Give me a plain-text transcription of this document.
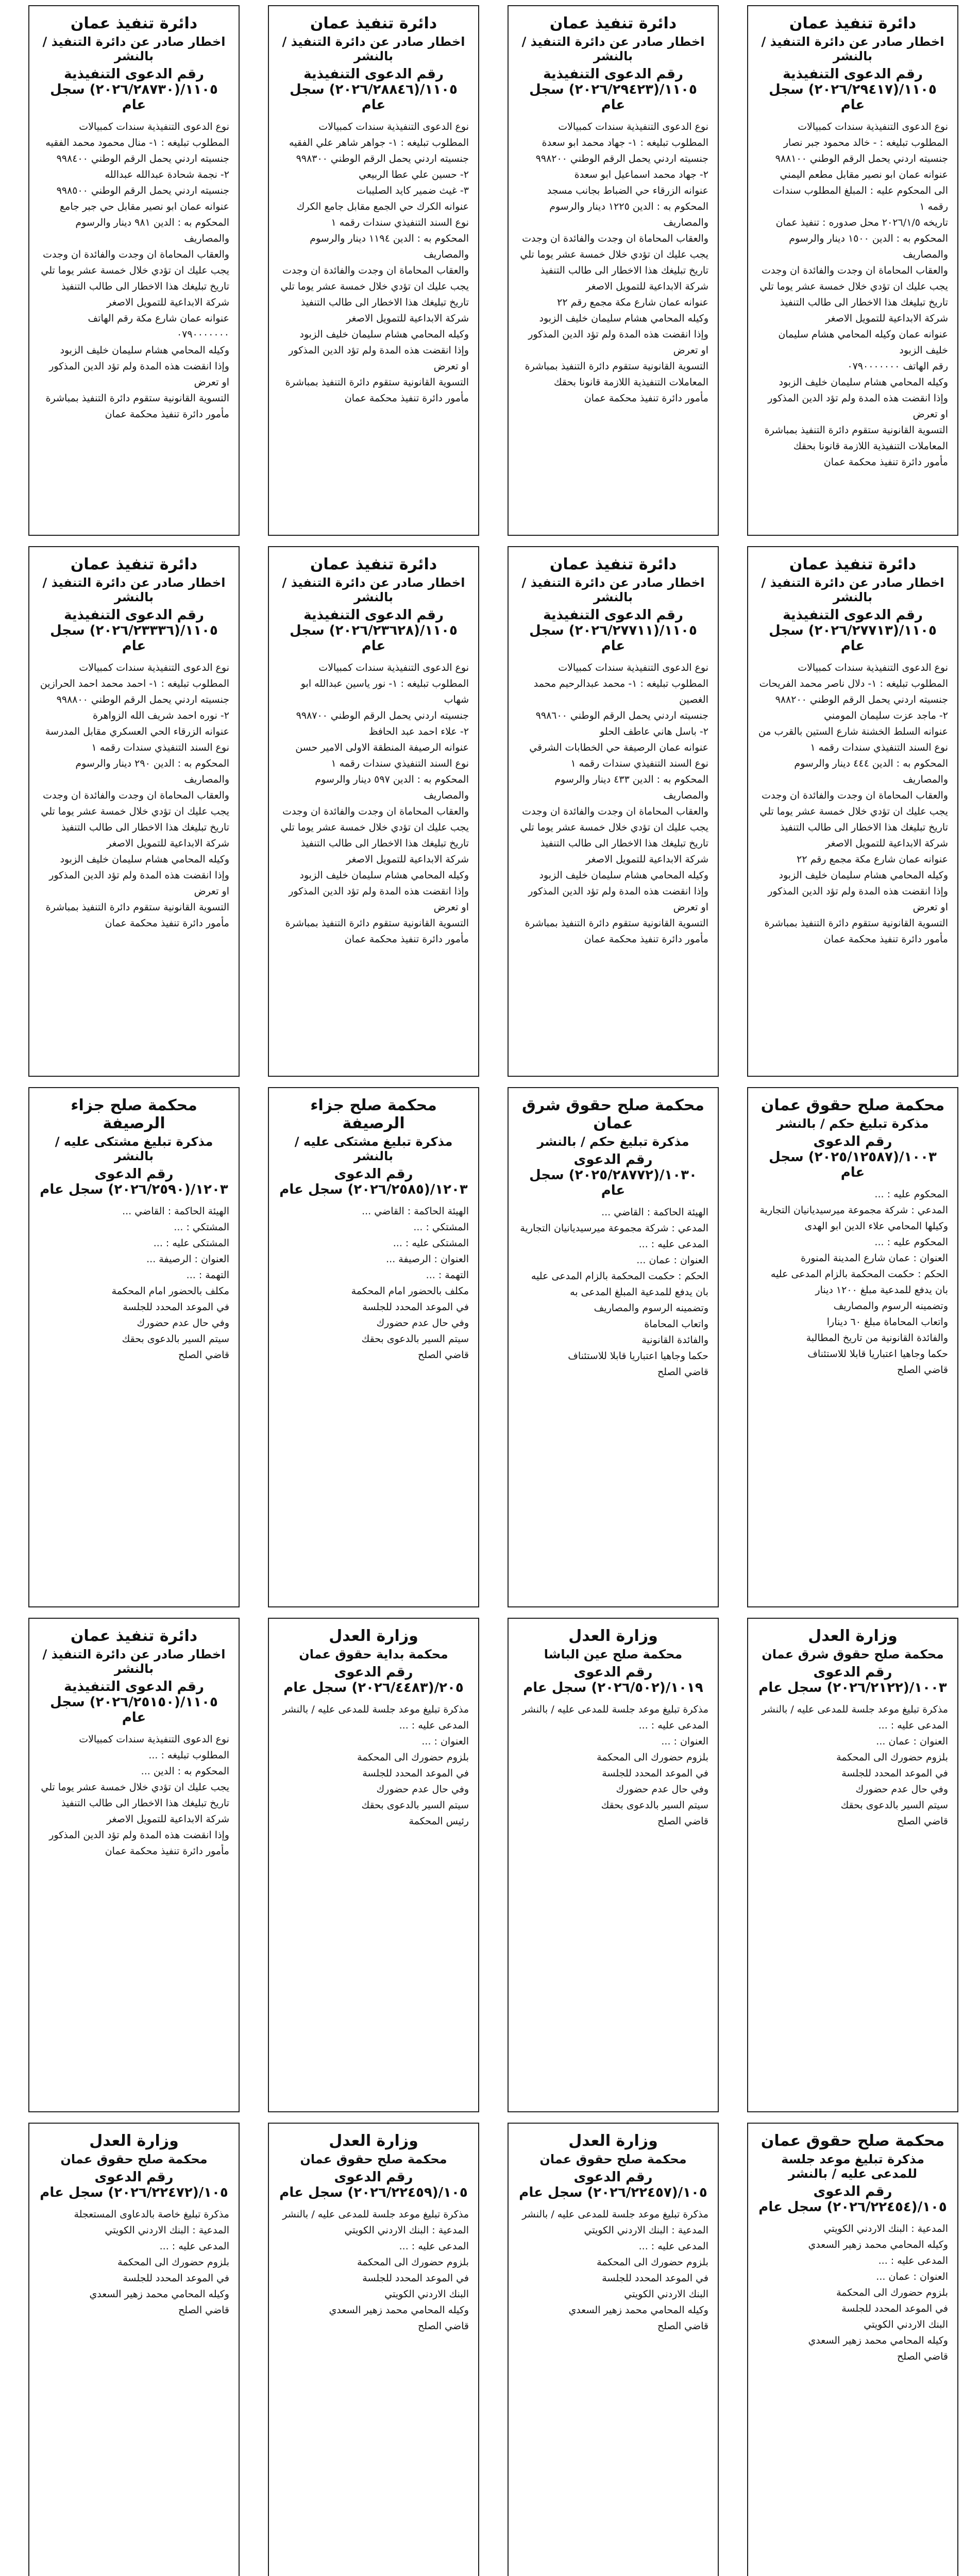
دائرة تنفيذ عمان
اخطار صادر عن دائرة التنفيذ / بالنشر
رقم الدعوى التنفيذية ١١٠٥/(٢٠٢٦/٢٩٤١٧) سجل عام
نوع الدعوى التنفيذية سندات كمبيالات
المطلوب تبليغه : - خالد محمود جبر نصار
جنسيته اردني يحمل الرقم الوطني ٩٨٨١٠٠
عنوانه عمان ابو نصير مقابل مطعم اليمني
الى المحكوم عليه : المبلغ المطلوب سندات رقمه ١
تاريخه ٢٠٢٦/١/٥ محل صدوره : تنفيذ عمان
المحكوم به : الدين ١٥٠٠ دينار والرسوم والمصاريف
والعقاب المحاماة ان وجدت والفائدة ان وجدت
يجب عليك ان تؤدي خلال خمسة عشر يوما تلي
تاريخ تبليغك هذا الاخطار الى طالب التنفيذ
شركة الابداعية للتمويل الاصغر
عنوانه عمان وكيله المحامي هشام سليمان خليف الزبود
رقم الهاتف ٠٧٩٠٠٠٠٠٠٠
وكيله المحامي هشام سليمان خليف الزبود
وإذا انقضت هذه المدة ولم تؤد الدين المذكور او تعرض
التسوية القانونية ستقوم دائرة التنفيذ بمباشرة
المعاملات التنفيذية اللازمة قانونا بحقك
مأمور دائرة تنفيذ محكمة عمان
دائرة تنفيذ عمان
اخطار صادر عن دائرة التنفيذ / بالنشر
رقم الدعوى التنفيذية ١١٠٥/(٢٠٢٦/٢٩٤٢٣) سجل عام
نوع الدعوى التنفيذية سندات كمبيالات
المطلوب تبليغه : ١- جهاد محمد ابو سعدة
جنسيته اردني يحمل الرقم الوطني ٩٩٨٢٠٠
٢- جهاد محمد اسماعيل ابو سعدة
عنوانه الزرقاء حي الضباط بجانب مسجد
المحكوم به : الدين ١٢٢٥ دينار والرسوم والمصاريف
والعقاب المحاماة ان وجدت والفائدة ان وجدت
يجب عليك ان تؤدي خلال خمسة عشر يوما تلي
تاريخ تبليغك هذا الاخطار الى طالب التنفيذ
شركة الابداعية للتمويل الاصغر
عنوانه عمان شارع مكة مجمع رقم ٢٢
وكيله المحامي هشام سليمان خليف الزبود
وإذا انقضت هذه المدة ولم تؤد الدين المذكور او تعرض
التسوية القانونية ستقوم دائرة التنفيذ بمباشرة
المعاملات التنفيذية اللازمة قانونا بحقك
مأمور دائرة تنفيذ محكمة عمان
دائرة تنفيذ عمان
اخطار صادر عن دائرة التنفيذ / بالنشر
رقم الدعوى التنفيذية ١١٠٥/(٢٠٢٦/٢٨٨٤٦) سجل عام
نوع الدعوى التنفيذية سندات كمبيالات
المطلوب تبليغه : ١- جواهر شاهر علي الفقيه
جنسيته اردني يحمل الرقم الوطني ٩٩٨٣٠٠
٢- حسين علي عطا الربيعي
٣- غيث ضمير كايد الصليبات
عنوانه الكرك حي الجمع مقابل جامع الكرك
نوع السند التنفيذي سندات رقمه ١
المحكوم به : الدين ١١٩٤ دينار والرسوم والمصاريف
والعقاب المحاماة ان وجدت والفائدة ان وجدت
يجب عليك ان تؤدي خلال خمسة عشر يوما تلي
تاريخ تبليغك هذا الاخطار الى طالب التنفيذ
شركة الابداعية للتمويل الاصغر
وكيله المحامي هشام سليمان خليف الزبود
وإذا انقضت هذه المدة ولم تؤد الدين المذكور او تعرض
التسوية القانونية ستقوم دائرة التنفيذ بمباشرة
مأمور دائرة تنفيذ محكمة عمان
دائرة تنفيذ عمان
اخطار صادر عن دائرة التنفيذ / بالنشر
رقم الدعوى التنفيذية ١١٠٥/(٢٠٢٦/٢٨٧٣٠) سجل عام
نوع الدعوى التنفيذية سندات كمبيالات
المطلوب تبليغه : ١- منال محمود محمد الفقيه
جنسيته اردني يحمل الرقم الوطني ٩٩٨٤٠٠
٢- نجمة شحادة عبدالله عبدالله
جنسيته اردني يحمل الرقم الوطني ٩٩٨٥٠٠
عنوانه عمان ابو نصير مقابل حي جبر جامع
المحكوم به : الدين ٩٨١ دينار والرسوم والمصاريف
والعقاب المحاماة ان وجدت والفائدة ان وجدت
يجب عليك ان تؤدي خلال خمسة عشر يوما تلي
تاريخ تبليغك هذا الاخطار الى طالب التنفيذ
شركة الابداعية للتمويل الاصغر
عنوانه عمان شارع مكة رقم الهاتف ٠٧٩٠٠٠٠٠٠٠
وكيله المحامي هشام سليمان خليف الزبود
وإذا انقضت هذه المدة ولم تؤد الدين المذكور او تعرض
التسوية القانونية ستقوم دائرة التنفيذ بمباشرة
مأمور دائرة تنفيذ محكمة عمان
دائرة تنفيذ عمان
اخطار صادر عن دائرة التنفيذ / بالنشر
رقم الدعوى التنفيذية ١١٠٥/(٢٠٢٦/٢٧٧١٣) سجل عام
نوع الدعوى التنفيذية سندات كمبيالات
المطلوب تبليغه : ١- دلال ناصر محمد الفريحات
جنسيته اردني يحمل الرقم الوطني ٩٨٨٢٠٠
٢- ماجد عزت سليمان المومني
عنوانه السلط الخشنة شارع الستين بالقرب من
نوع السند التنفيذي سندات رقمه ١
المحكوم به : الدين ٤٤٤ دينار والرسوم والمصاريف
والعقاب المحاماة ان وجدت والفائدة ان وجدت
يجب عليك ان تؤدي خلال خمسة عشر يوما تلي
تاريخ تبليغك هذا الاخطار الى طالب التنفيذ
شركة الابداعية للتمويل الاصغر
عنوانه عمان شارع مكة مجمع رقم ٢٢
وكيله المحامي هشام سليمان خليف الزبود
وإذا انقضت هذه المدة ولم تؤد الدين المذكور او تعرض
التسوية القانونية ستقوم دائرة التنفيذ بمباشرة
مأمور دائرة تنفيذ محكمة عمان
دائرة تنفيذ عمان
اخطار صادر عن دائرة التنفيذ / بالنشر
رقم الدعوى التنفيذية ١١٠٥/(٢٠٢٦/٢٧٧١١) سجل عام
نوع الدعوى التنفيذية سندات كمبيالات
المطلوب تبليغه : ١- محمد عبدالرحيم محمد الغصين
جنسيته اردني يحمل الرقم الوطني ٩٩٨٦٠٠
٢- باسل هاني عاطف الحلو
عنوانه عمان الرصيفة حي الخطابات الشرقي
نوع السند التنفيذي سندات رقمه ١
المحكوم به : الدين ٤٣٣ دينار والرسوم والمصاريف
والعقاب المحاماة ان وجدت والفائدة ان وجدت
يجب عليك ان تؤدي خلال خمسة عشر يوما تلي
تاريخ تبليغك هذا الاخطار الى طالب التنفيذ
شركة الابداعية للتمويل الاصغر
وكيله المحامي هشام سليمان خليف الزبود
وإذا انقضت هذه المدة ولم تؤد الدين المذكور او تعرض
التسوية القانونية ستقوم دائرة التنفيذ بمباشرة
مأمور دائرة تنفيذ محكمة عمان
دائرة تنفيذ عمان
اخطار صادر عن دائرة التنفيذ / بالنشر
رقم الدعوى التنفيذية ١١٠٥/(٢٠٢٦/٢٣٦٢٨) سجل عام
نوع الدعوى التنفيذية سندات كمبيالات
المطلوب تبليغه : ١- نور ياسين عبدالله ابو شهاب
جنسيته اردني يحمل الرقم الوطني ٩٩٨٧٠٠
٢- علاء احمد عبد الحافظ
عنوانه الرصيفة المنطقة الاولى الامير حسن
نوع السند التنفيذي سندات رقمه ١
المحكوم به : الدين ٥٩٧ دينار والرسوم والمصاريف
والعقاب المحاماة ان وجدت والفائدة ان وجدت
يجب عليك ان تؤدي خلال خمسة عشر يوما تلي
تاريخ تبليغك هذا الاخطار الى طالب التنفيذ
شركة الابداعية للتمويل الاصغر
وكيله المحامي هشام سليمان خليف الزبود
وإذا انقضت هذه المدة ولم تؤد الدين المذكور او تعرض
التسوية القانونية ستقوم دائرة التنفيذ بمباشرة
مأمور دائرة تنفيذ محكمة عمان
دائرة تنفيذ عمان
اخطار صادر عن دائرة التنفيذ / بالنشر
رقم الدعوى التنفيذية ١١٠٥/(٢٠٢٦/٢٣٣٣٦) سجل عام
نوع الدعوى التنفيذية سندات كمبيالات
المطلوب تبليغه : ١- احمد محمد احمد الحرازين
جنسيته اردني يحمل الرقم الوطني ٩٩٨٨٠٠
٢- نوره احمد شريف الله الزواهرة
عنوانه الزرقاء الحي العسكري مقابل المدرسة
نوع السند التنفيذي سندات رقمه ١
المحكوم به : الدين ٢٩٠ دينار والرسوم والمصاريف
والعقاب المحاماة ان وجدت والفائدة ان وجدت
يجب عليك ان تؤدي خلال خمسة عشر يوما تلي
تاريخ تبليغك هذا الاخطار الى طالب التنفيذ
شركة الابداعية للتمويل الاصغر
وكيله المحامي هشام سليمان خليف الزبود
وإذا انقضت هذه المدة ولم تؤد الدين المذكور او تعرض
التسوية القانونية ستقوم دائرة التنفيذ بمباشرة
مأمور دائرة تنفيذ محكمة عمان
محكمة صلح حقوق عمان
مذكرة تبليغ حكم / بالنشر
رقم الدعوى ١٠٠٣/(٢٠٢٥/١٢٥٨٧) سجل عام
المحكوم عليه : ...
المدعي : شركة مجموعة ميرسيديانيان التجارية
وكيلها المحامي علاء الدين ابو الهدى
المحكوم عليه : ...
العنوان : عمان شارع المدينة المنورة
الحكم : حكمت المحكمة بالزام المدعى عليه
بان يدفع للمدعية مبلغ ١٢٠٠ دينار
وتضمينه الرسوم والمصاريف
واتعاب المحاماة مبلغ ٦٠ دينارا
والفائدة القانونية من تاريخ المطالبة
حكما وجاهيا اعتباريا قابلا للاستئناف
قاضي الصلح
محكمة صلح حقوق شرق عمان
مذكرة تبليغ حكم / بالنشر
رقم الدعوى ١٠٣٠/(٢٠٢٥/٢٨٧٧٢) سجل عام
الهيئة الحاكمة : القاضي ...
المدعي : شركة مجموعة ميرسيديانيان التجارية
المدعى عليه : ...
العنوان : عمان ...
الحكم : حكمت المحكمة بالزام المدعى عليه
بان يدفع للمدعية المبلغ المدعى به
وتضمينه الرسوم والمصاريف
واتعاب المحاماة
والفائدة القانونية
حكما وجاهيا اعتباريا قابلا للاستئناف
قاضي الصلح
محكمة صلح جزاء الرصيفة
مذكرة تبليغ مشتكى عليه / بالنشر
رقم الدعوى ١٢٠٣/(٢٠٢٦/٢٥٨٥) سجل عام
الهيئة الحاكمة : القاضي ...
المشتكي : ...
المشتكى عليه : ...
العنوان : الرصيفة ...
التهمة : ...
مكلف بالحضور امام المحكمة
في الموعد المحدد للجلسة
وفي حال عدم حضورك
سيتم السير بالدعوى بحقك
قاضي الصلح
محكمة صلح جزاء الرصيفة
مذكرة تبليغ مشتكى عليه / بالنشر
رقم الدعوى ١٢٠٣/(٢٠٢٦/٢٥٩٠) سجل عام
الهيئة الحاكمة : القاضي ...
المشتكي : ...
المشتكى عليه : ...
العنوان : الرصيفة ...
التهمة : ...
مكلف بالحضور امام المحكمة
في الموعد المحدد للجلسة
وفي حال عدم حضورك
سيتم السير بالدعوى بحقك
قاضي الصلح
وزارة العدل
محكمة صلح حقوق شرق عمان
رقم الدعوى ١٠٠٣/(٢٠٢٦/٢١٢٢) سجل عام
مذكرة تبليغ موعد جلسة للمدعى عليه / بالنشر
المدعى عليه : ...
العنوان : عمان ...
بلزوم حضورك الى المحكمة
في الموعد المحدد للجلسة
وفي حال عدم حضورك
سيتم السير بالدعوى بحقك
قاضي الصلح
وزارة العدل
محكمة صلح عين الباشا
رقم الدعوى ١٠١٩/(٢٠٢٦/٥٠٢) سجل عام
مذكرة تبليغ موعد جلسة للمدعى عليه / بالنشر
المدعى عليه : ...
العنوان : ...
بلزوم حضورك الى المحكمة
في الموعد المحدد للجلسة
وفي حال عدم حضورك
سيتم السير بالدعوى بحقك
قاضي الصلح
وزارة العدل
محكمة بداية حقوق عمان
رقم الدعوى ٢٠٥/(٢٠٢٦/٤٤٨٣) سجل عام
مذكرة تبليغ موعد جلسة للمدعى عليه / بالنشر
المدعى عليه : ...
العنوان : ...
بلزوم حضورك الى المحكمة
في الموعد المحدد للجلسة
وفي حال عدم حضورك
سيتم السير بالدعوى بحقك
رئيس المحكمة
دائرة تنفيذ عمان
اخطار صادر عن دائرة التنفيذ / بالنشر
رقم الدعوى التنفيذية ١١٠٥/(٢٠٢٦/٢٥١٥٠) سجل عام
نوع الدعوى التنفيذية سندات كمبيالات
المطلوب تبليغه : ...
المحكوم به : الدين ...
يجب عليك ان تؤدي خلال خمسة عشر يوما تلي
تاريخ تبليغك هذا الاخطار الى طالب التنفيذ
شركة الابداعية للتمويل الاصغر
وإذا انقضت هذه المدة ولم تؤد الدين المذكور
مأمور دائرة تنفيذ محكمة عمان
محكمة صلح حقوق عمان
مذكرة تبليغ موعد جلسة للمدعى عليه / بالنشر
رقم الدعوى ١٠٥/(٢٠٢٦/٢٢٤٥٤) سجل عام
المدعية : البنك الاردني الكويتي
وكيله المحامي محمد زهير السعدي
المدعى عليه : ...
العنوان : عمان ...
بلزوم حضورك الى المحكمة
في الموعد المحدد للجلسة
البنك الاردني الكويتي
وكيله المحامي محمد زهير السعدي
قاضي الصلح
وزارة العدل
محكمة صلح حقوق عمان
رقم الدعوى ١٠٥/(٢٠٢٦/٢٢٤٥٧) سجل عام
مذكرة تبليغ موعد جلسة للمدعى عليه / بالنشر
المدعية : البنك الاردني الكويتي
المدعى عليه : ...
بلزوم حضورك الى المحكمة
في الموعد المحدد للجلسة
البنك الاردني الكويتي
وكيله المحامي محمد زهير السعدي
قاضي الصلح
وزارة العدل
محكمة صلح حقوق عمان
رقم الدعوى ١٠٥/(٢٠٢٦/٢٢٤٥٩) سجل عام
مذكرة تبليغ موعد جلسة للمدعى عليه / بالنشر
المدعية : البنك الاردني الكويتي
المدعى عليه : ...
بلزوم حضورك الى المحكمة
في الموعد المحدد للجلسة
البنك الاردني الكويتي
وكيله المحامي محمد زهير السعدي
قاضي الصلح
وزارة العدل
محكمة صلح حقوق عمان
رقم الدعوى ١٠٥/(٢٠٢٦/٢٢٤٧٢) سجل عام
مذكرة تبليغ خاصة بالدعاوى المستعجلة
المدعية : البنك الاردني الكويتي
المدعى عليه : ...
بلزوم حضورك الى المحكمة
في الموعد المحدد للجلسة
وكيله المحامي محمد زهير السعدي
قاضي الصلح
